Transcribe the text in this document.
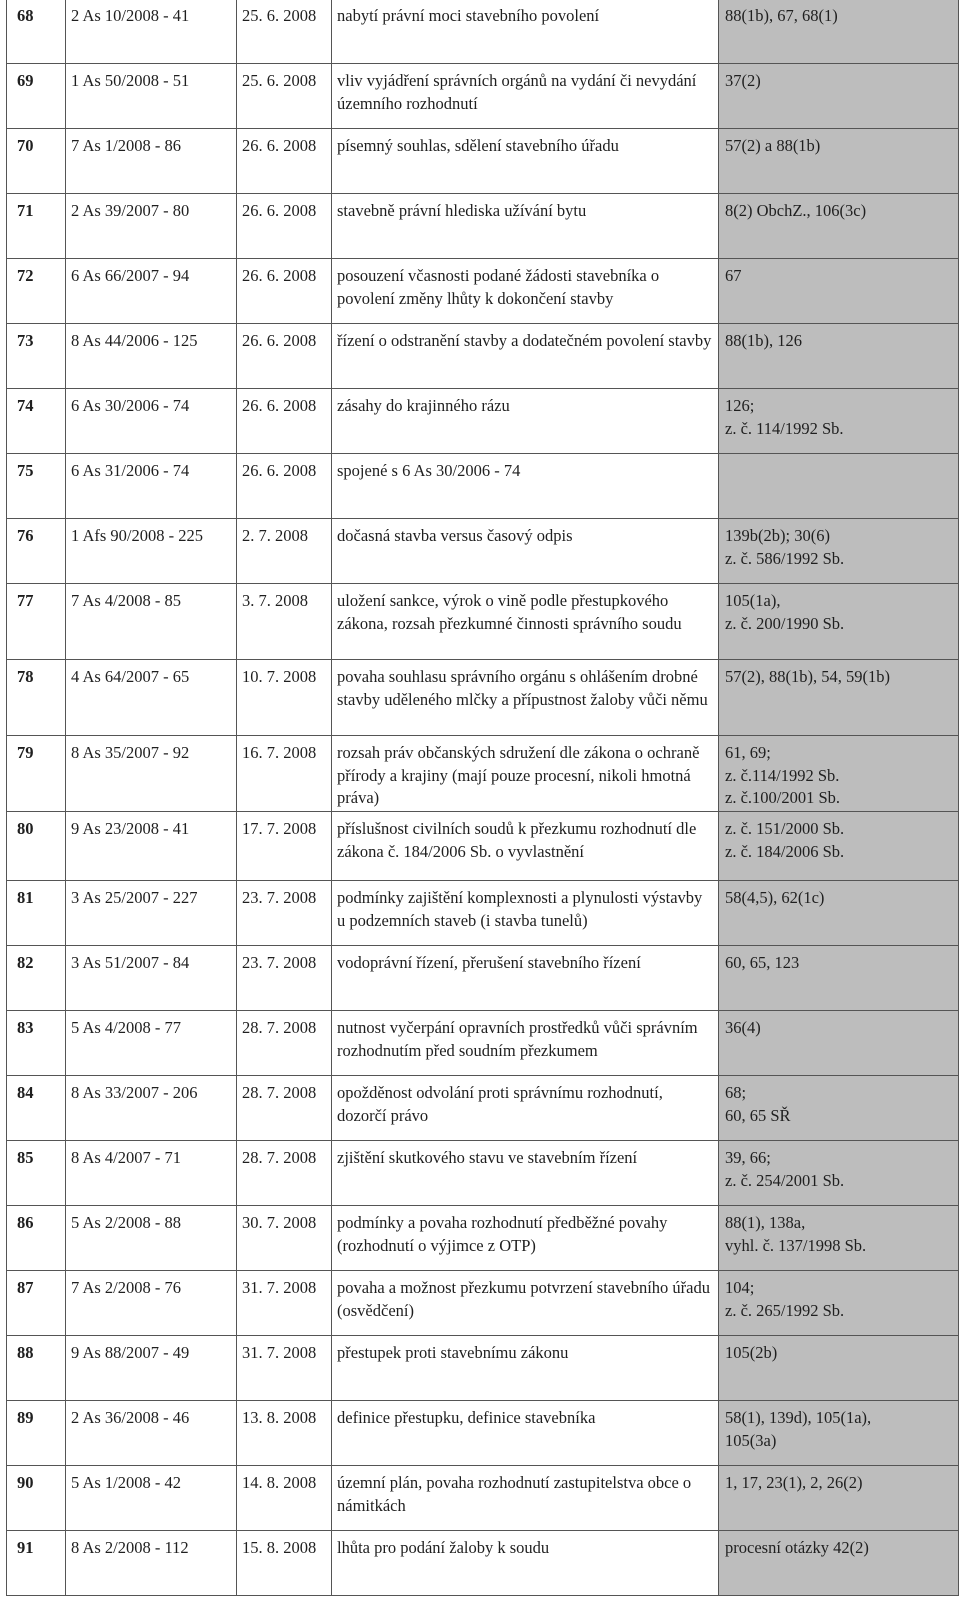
68	2 As 10/2008 - 41	25. 6. 2008	nabytí právní moci stavebního povolení	88(1b), 67, 68(1)
69	1 As 50/2008 - 51	25. 6. 2008	vliv vyjádření správních orgánů na vydání či nevydání územního rozhodnutí	37(2)
70	7 As 1/2008 - 86	26. 6. 2008	písemný souhlas, sdělení stavebního úřadu	57(2) a 88(1b)
71	2 As 39/2007 - 80	26. 6. 2008	stavebně právní hlediska užívání bytu	8(2) ObchZ., 106(3c)
72	6 As 66/2007 - 94	26. 6. 2008	posouzení včasnosti podané žádosti stavebníka o povolení změny lhůty k dokončení stavby	67
73	8 As 44/2006 - 125	26. 6. 2008	řízení o odstranění stavby a dodatečném povolení stavby	88(1b), 126
74	6 As 30/2006 - 74	26. 6. 2008	zásahy do krajinného rázu	126;
z. č. 114/1992 Sb.
75	6 As 31/2006 - 74	26. 6. 2008	spojené s 6 As 30/2006 - 74	
76	1 Afs 90/2008 - 225	2. 7. 2008	dočasná stavba versus časový odpis	139b(2b); 30(6)
z. č. 586/1992 Sb.
77	7 As 4/2008 - 85	3. 7. 2008	uložení sankce, výrok o vině podle přestupkového zákona, rozsah přezkumné činnosti správního soudu	105(1a),
z. č. 200/1990 Sb.
78	4 As 64/2007 - 65	10. 7. 2008	povaha souhlasu správního orgánu s ohlášením drobné stavby uděleného mlčky a přípustnost žaloby vůči němu	57(2), 88(1b), 54, 59(1b)
79	8 As 35/2007 - 92	16. 7. 2008	rozsah práv občanských sdružení dle zákona o ochraně přírody a krajiny (mají pouze procesní, nikoli hmotná práva)	61, 69;
z. č.114/1992 Sb.
z. č.100/2001 Sb.
80	9 As 23/2008 - 41	17. 7. 2008	příslušnost civilních soudů k přezkumu rozhodnutí dle zákona č. 184/2006 Sb. o vyvlastnění	z. č. 151/2000 Sb.
z. č. 184/2006 Sb.
81	3 As 25/2007 - 227	23. 7. 2008	podmínky zajištění komplexnosti a plynulosti výstavby u podzemních staveb (i stavba tunelů)	58(4,5), 62(1c)
82	3 As 51/2007 - 84	23. 7. 2008	vodoprávní řízení, přerušení stavebního řízení	60, 65, 123
83	5 As 4/2008 - 77	28. 7. 2008	nutnost vyčerpání opravních prostředků vůči správním rozhodnutím před soudním přezkumem	36(4)
84	8 As 33/2007 - 206	28. 7. 2008	opožděnost odvolání proti správnímu rozhodnutí, dozorčí právo	68;
60, 65 SŘ
85	8 As 4/2007 - 71	28. 7. 2008	zjištění skutkového stavu ve stavebním řízení	39, 66;
z. č. 254/2001 Sb.
86	5 As 2/2008 - 88	30. 7. 2008	podmínky a povaha rozhodnutí předběžné povahy (rozhodnutí o výjimce z OTP)	88(1), 138a,
vyhl. č. 137/1998 Sb.
87	7 As 2/2008 - 76	31. 7. 2008	povaha a možnost přezkumu potvrzení stavebního úřadu (osvědčení)	104;
z. č. 265/1992 Sb.
88	9 As 88/2007 - 49	31. 7. 2008	přestupek proti stavebnímu zákonu	105(2b)
89	2 As 36/2008 - 46	13. 8. 2008	definice přestupku, definice stavebníka	58(1), 139d), 105(1a),
105(3a)
90	5 As 1/2008 - 42	14. 8. 2008	územní plán, povaha rozhodnutí zastupitelstva obce o námitkách	1, 17, 23(1), 2, 26(2)
91	8 As 2/2008 - 112	15. 8. 2008	lhůta pro podání žaloby k soudu	procesní otázky 42(2)
